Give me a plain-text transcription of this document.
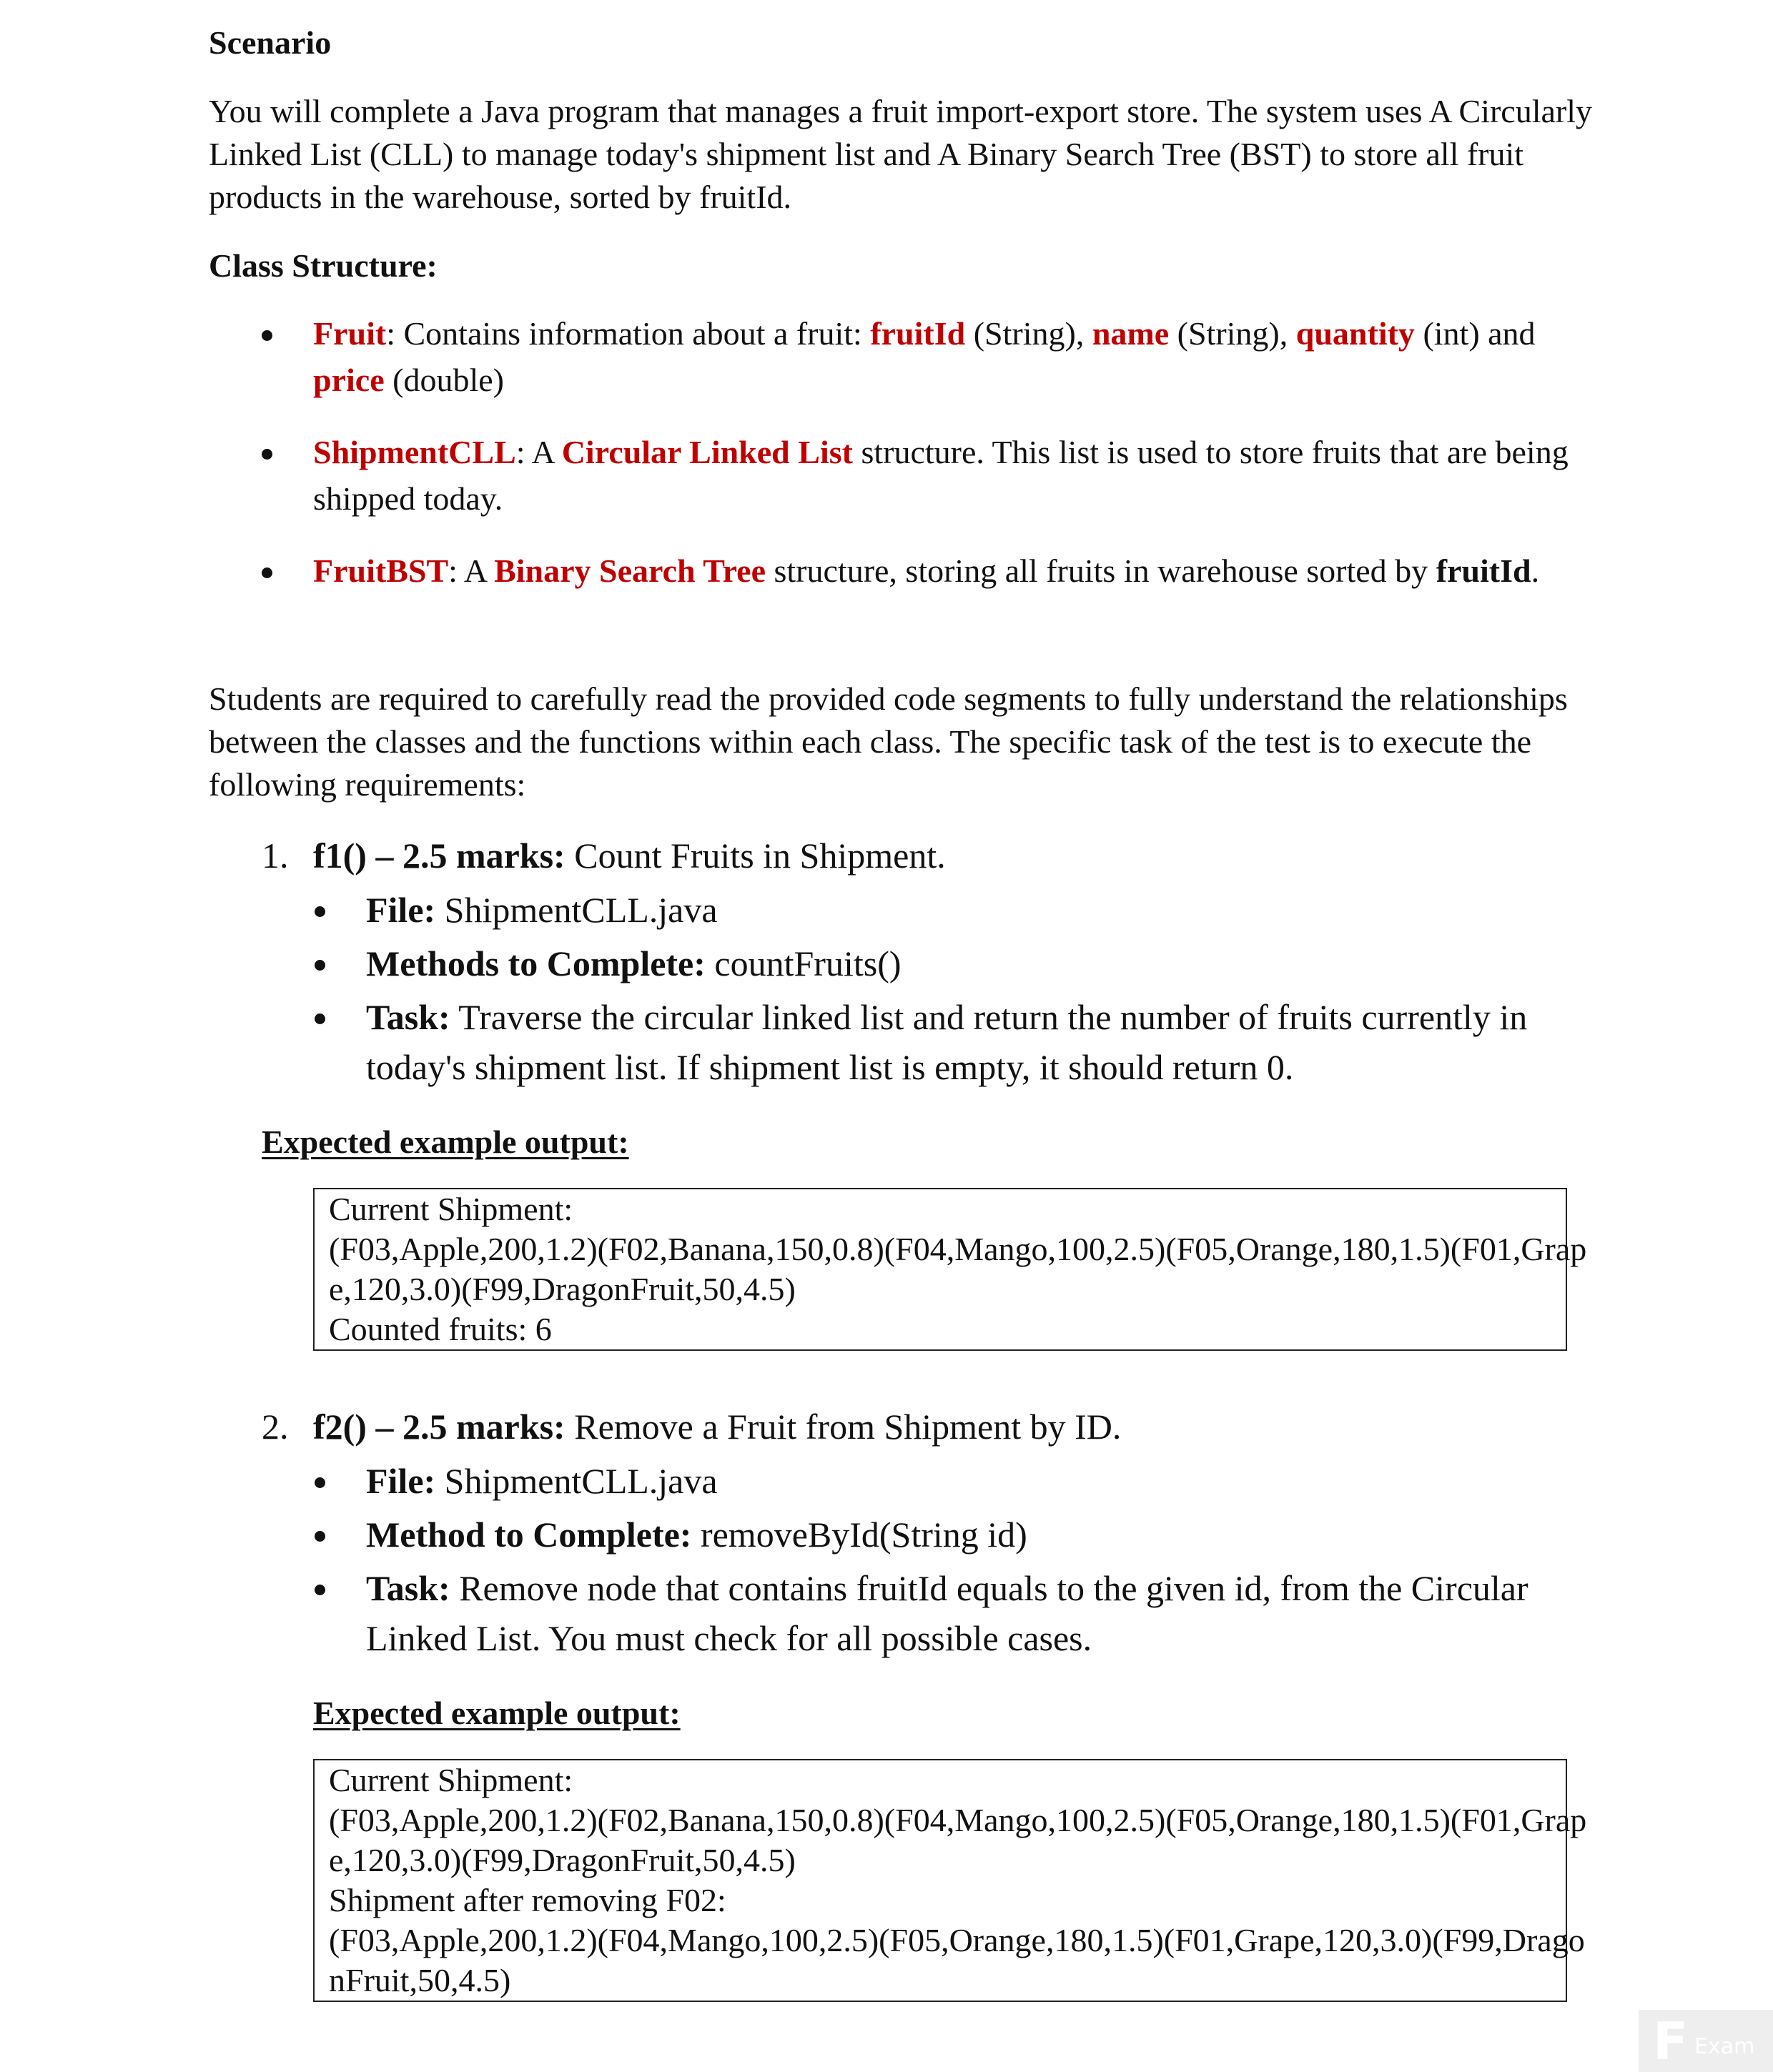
Scenario
You will complete a Java program that manages a fruit import-export store. The system uses A Circularly
Linked List (CLL) to manage today's shipment list and A Binary Search Tree (BST) to store all fruit
products in the warehouse, sorted by fruitId.
Class Structure:
Fruit: Contains information about a fruit: fruitId (String), name (String), quantity (int) and
price (double)
ShipmentCLL: A Circular Linked List structure. This list is used to store fruits that are being
shipped today.
FruitBST: A Binary Search Tree structure, storing all fruits in warehouse sorted by fruitId.
Students are required to carefully read the provided code segments to fully understand the relationships
between the classes and the functions within each class. The specific task of the test is to execute the
following requirements:
1. f1() – 2.5 marks: Count Fruits in Shipment.
File: ShipmentCLL.java
Methods to Complete: countFruits()
Task: Traverse the circular linked list and return the number of fruits currently in
today's shipment list. If shipment list is empty, it should return 0.
Expected example output:
Current Shipment:
(F03,Apple,200,1.2)(F02,Banana,150,0.8)(F04,Mango,100,2.5)(F05,Orange,180,1.5)(F01,Grap
e,120,3.0)(F99,DragonFruit,50,4.5)
Counted fruits: 6
2. f2() – 2.5 marks: Remove a Fruit from Shipment by ID.
File: ShipmentCLL.java
Method to Complete: removeById(String id)
Task: Remove node that contains fruitId equals to the given id, from the Circular
Linked List. You must check for all possible cases.
Expected example output:
Current Shipment:
(F03,Apple,200,1.2)(F02,Banana,150,0.8)(F04,Mango,100,2.5)(F05,Orange,180,1.5)(F01,Grap
e,120,3.0)(F99,DragonFruit,50,4.5)
Shipment after removing F02:
(F03,Apple,200,1.2)(F04,Mango,100,2.5)(F05,Orange,180,1.5)(F01,Grape,120,3.0)(F99,Drago
nFruit,50,4.5)
F Exam
